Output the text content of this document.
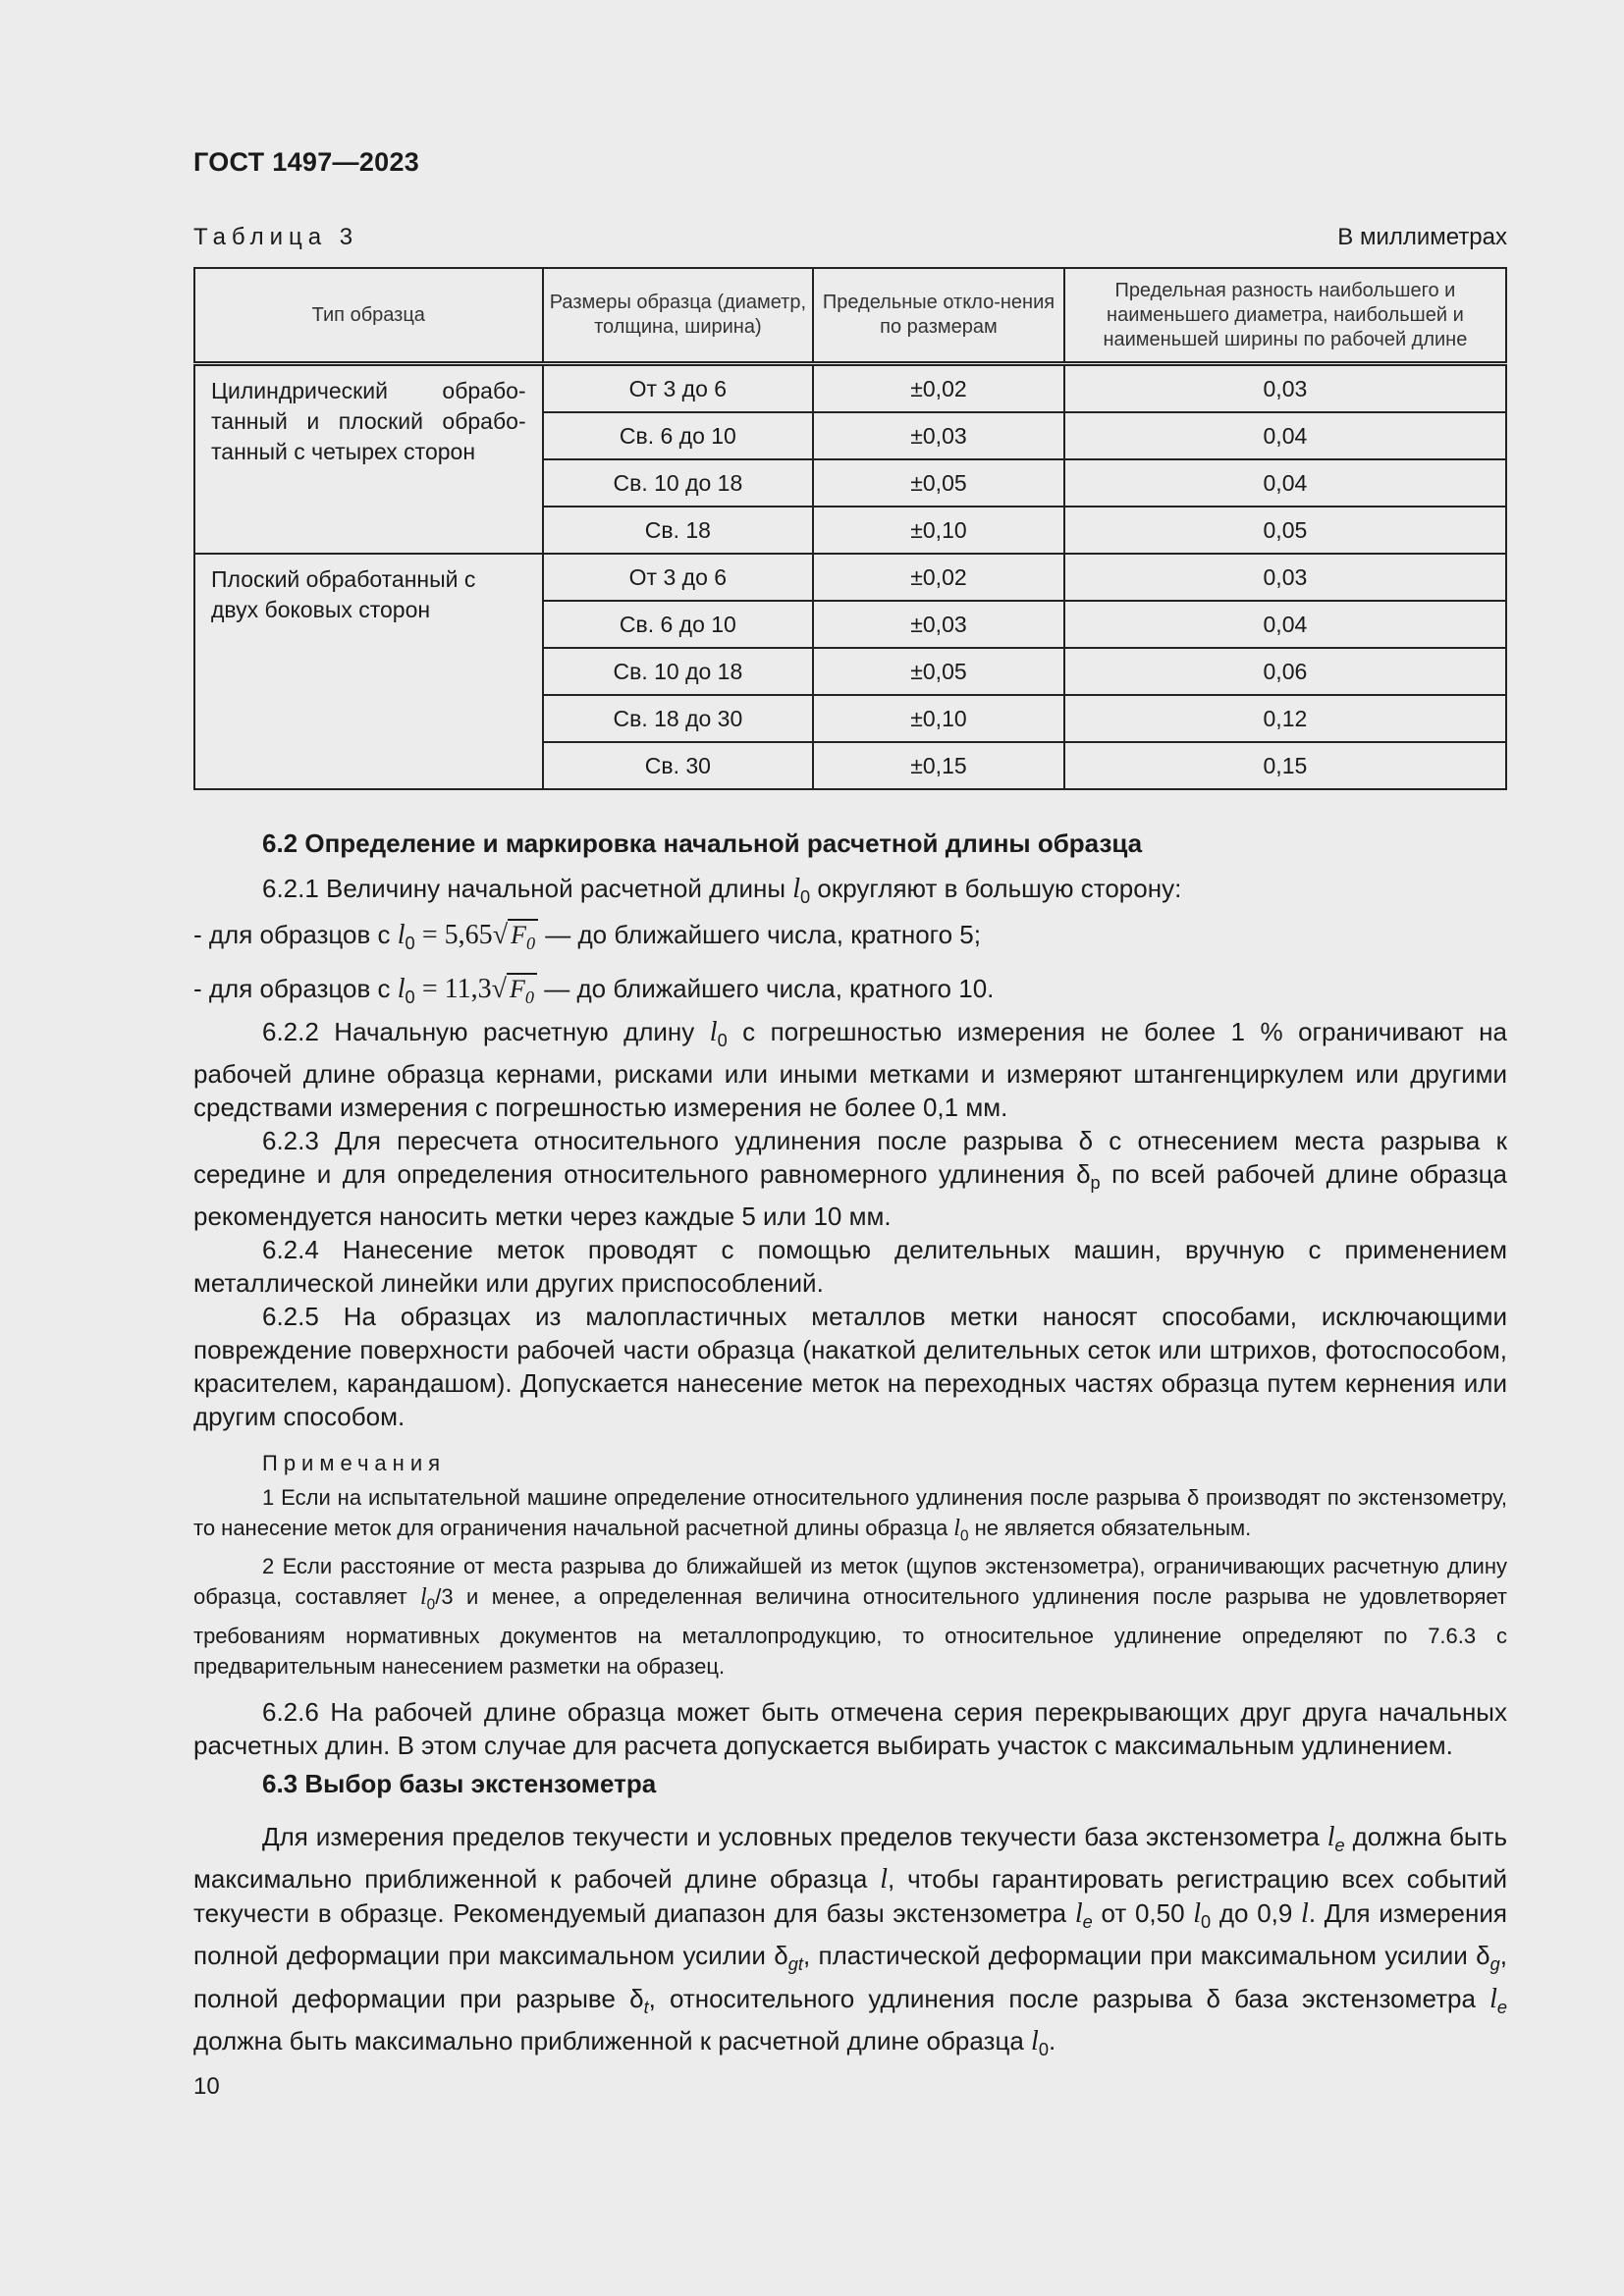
ГОСТ 1497—2023
Таблица 3	В миллиметрах
Тип образца	Размеры образца (диаметр, толщина, ширина)	Предельные откло-нения по размерам	Предельная разность наибольшего и наименьшего диаметра, наибольшей и наименьшей ширины по рабочей длине
Цилиндрический обрабо-танный и плоский обрабо-танный с четырех сторон	От 3 до 6	±0,02	0,03
	Св. 6 до 10	±0,03	0,04
	Св. 10 до 18	±0,05	0,04
	Св. 18	±0,10	0,05
Плоский обработанный с двух боковых сторон	От 3 до 6	±0,02	0,03
	Св. 6 до 10	±0,03	0,04
	Св. 10 до 18	±0,05	0,06
	Св. 18 до 30	±0,10	0,12
	Св. 30	±0,15	0,15

6.2 Определение и маркировка начальной расчетной длины образца

6.2.1 Величину начальной расчетной длины $l_0$ округляют в большую сторону:

- для образцов с $l_0 = 5,65√$ $F_0$ — до ближайшего числа, кратного 5;

- для образцов с $l_0 = 11,3√$ $F_0$ — до ближайшего числа, кратного 10.

6.2.2 Начальную расчетную длину $l_0$ с погрешностью измерения не более 1 % ограничивают на рабочей длине образца кернами, рисками или иными метками и измеряют штангенциркулем или другими средствами измерения с погрешностью измерения не более 0,1 мм.

6.2.3 Для пересчета относительного удлинения после разрыва δ с отнесением места разрыва к середине и для определения относительного равномерного удлинения $\delta_p$ по всей рабочей длине образца рекомендуется наносить метки через каждые 5 или 10 мм.

6.2.4 Нанесение меток проводят с помощью делительных машин, вручную с применением металлической линейки или других приспособлений.

6.2.5 На образцах из малопластичных металлов метки наносят способами, исключающими повреждение поверхности рабочей части образца (накаткой делительных сеток или штрихов, фотоспособом, красителем, карандашом). Допускается нанесение меток на переходных частях образца путем кернения или другим способом.

Примечания

1 Если на испытательной машине определение относительного удлинения после разрыва δ производят по экстензометру, то нанесение меток для ограничения начальной расчетной длины образца $l_0$ не является обязательным.

2 Если расстояние от места разрыва до ближайшей из меток (щупов экстензометра), ограничивающих расчетную длину образца, составляет $l_0/3$ и менее, а определенная величина относительного удлинения после разрыва не удовлетворяет требованиям нормативных документов на металлопродукцию, то относительное удлинение определяют по 7.6.3 с предварительным нанесением разметки на образец.

6.2.6 На рабочей длине образца может быть отмечена серия перекрывающих друг друга начальных расчетных длин. В этом случае для расчета допускается выбирать участок с максимальным удлинением.

6.3 Выбор базы экстензометра

Для измерения пределов текучести и условных пределов текучести база экстензометра $l_e$ должна быть максимально приближенной к рабочей длине образца l, чтобы гарантировать регистрацию всех событий текучести в образце. Рекомендуемый диапазон для базы экстензометра $l_e$ от 0,50 $l_0$ до 0,9 l. Для измерения полной деформации при максимальном усилии $\delta_{gt}$, пластической деформации при максимальном усилии $\delta_g$, полной деформации при разрыве $\delta_t$, относительного удлинения после разрыва δ база экстензометра $l_e$ должна быть максимально приближенной к расчетной длине образца $l_0$.

10
